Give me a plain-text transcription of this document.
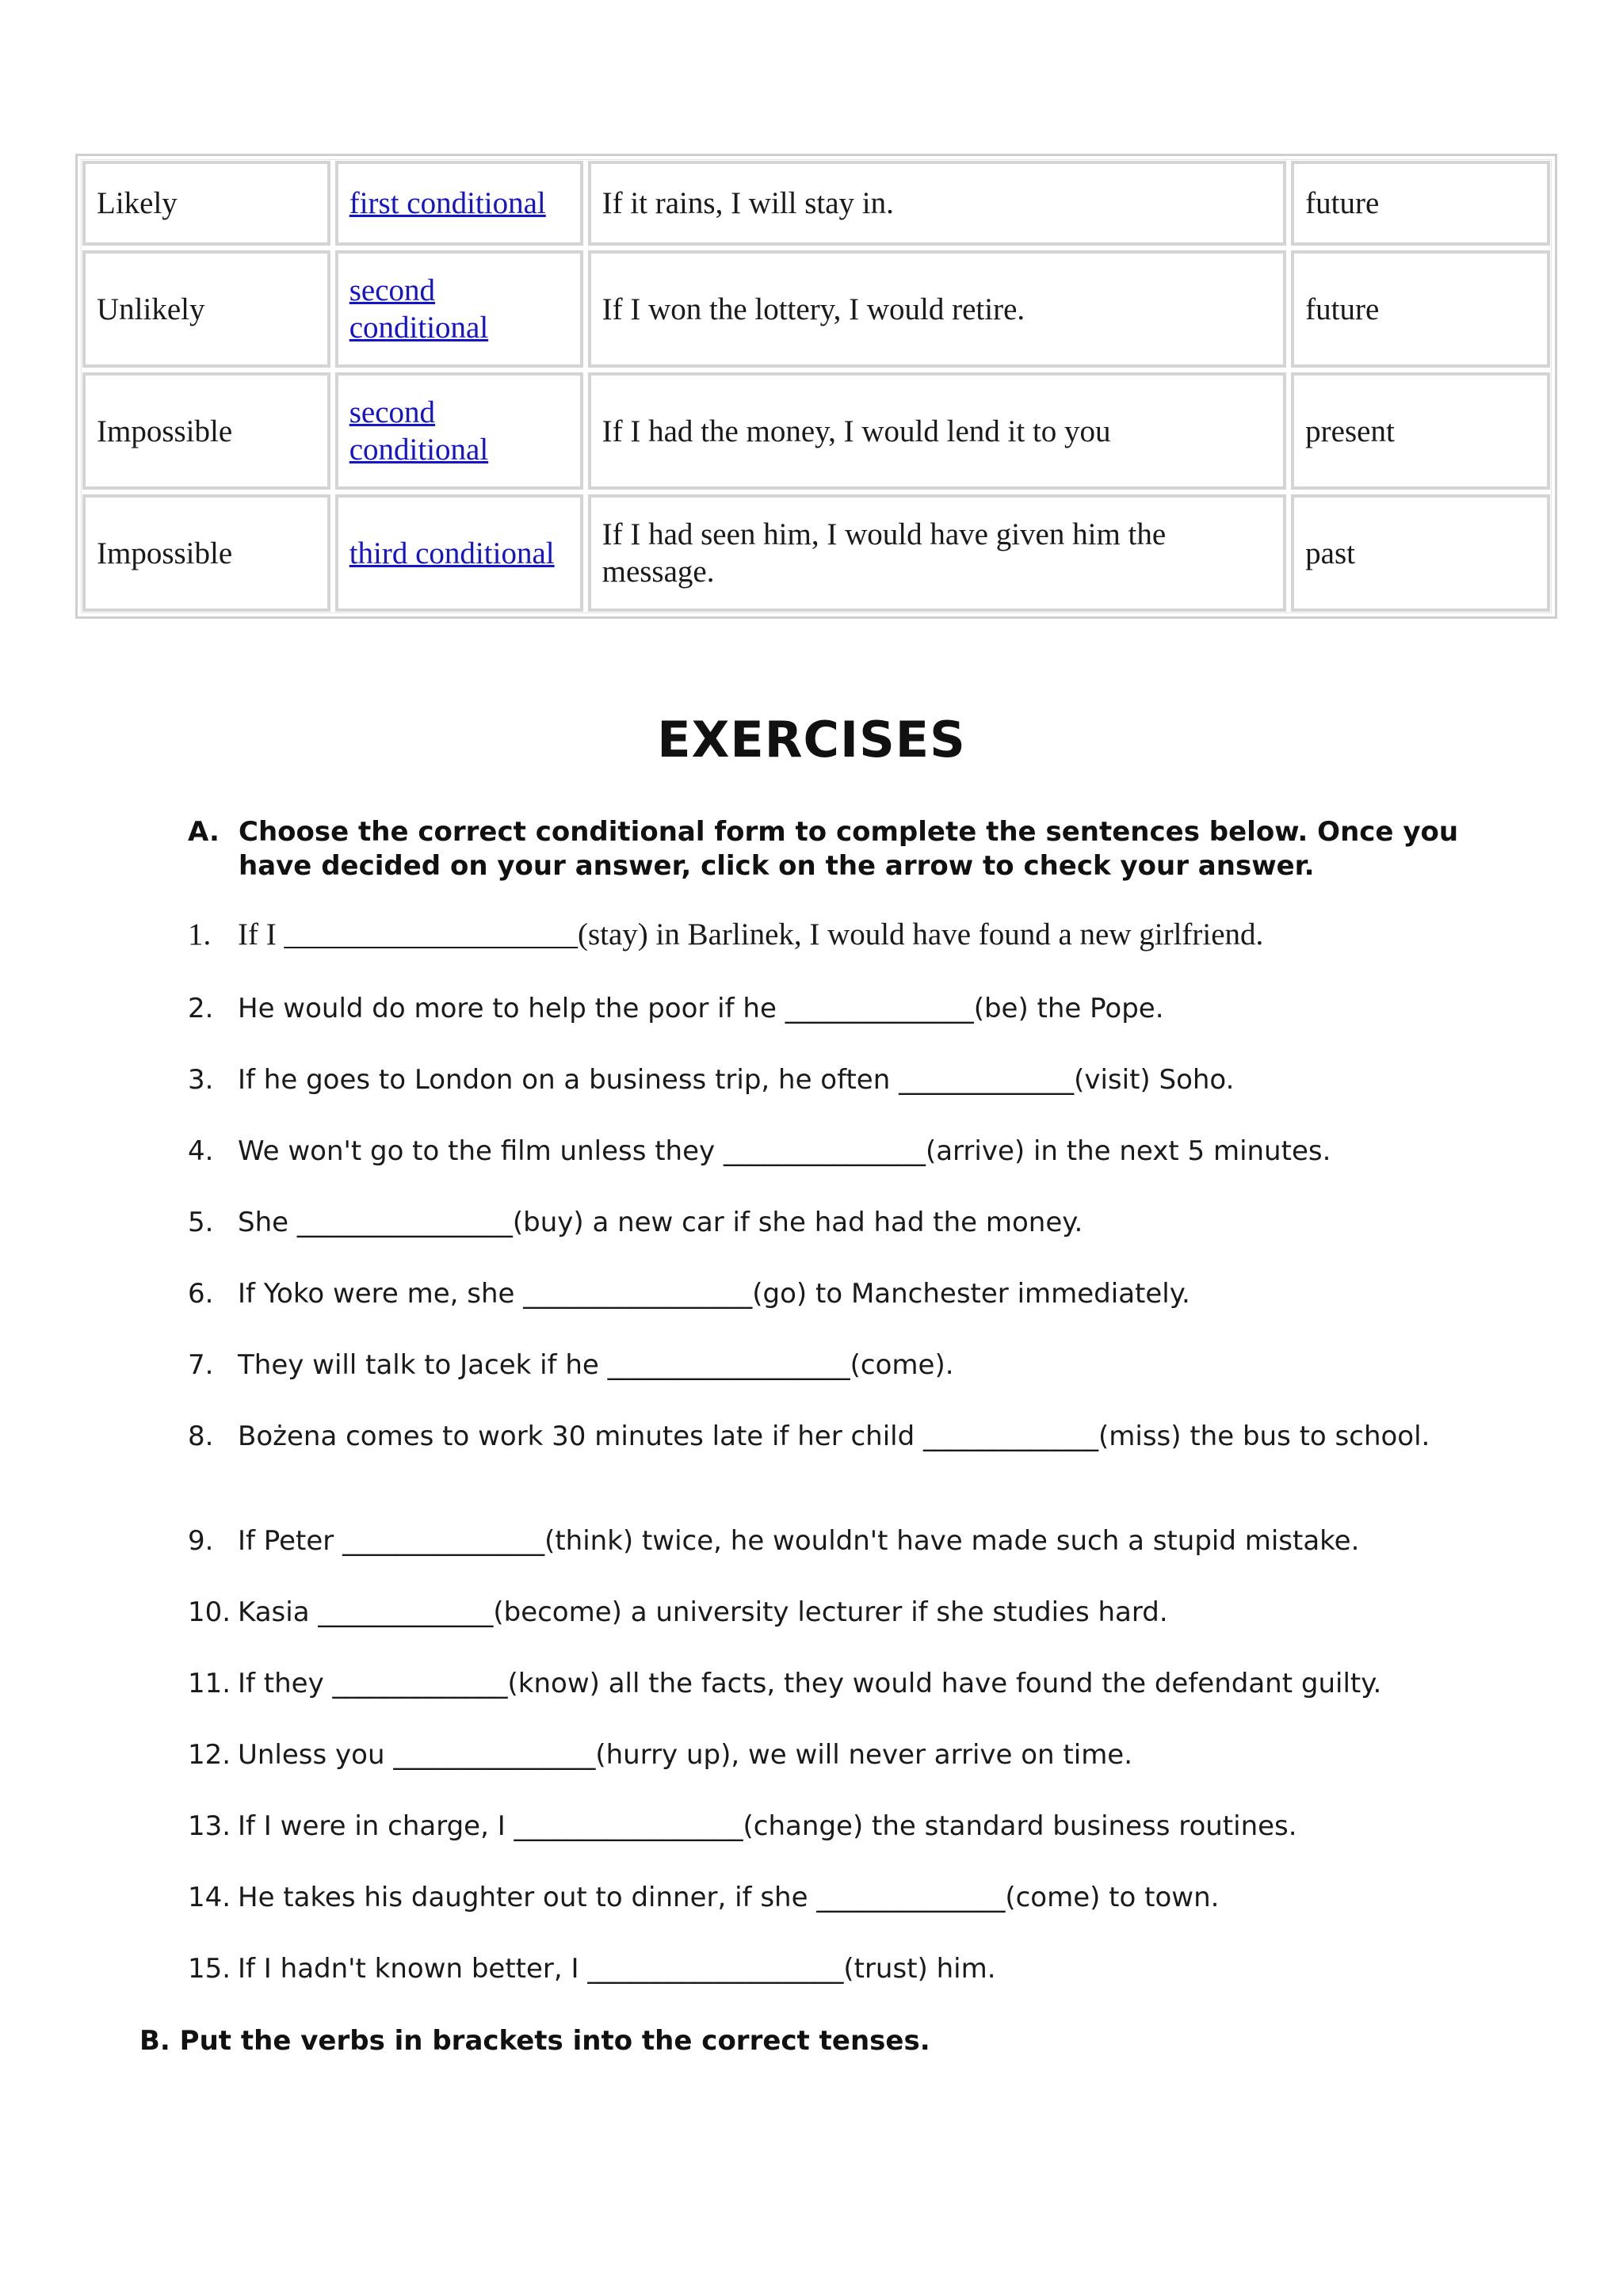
Likely	first conditional	If it rains, I will stay in.	future
Unlikely	second conditional	If I won the lottery, I would retire.	future
Impossible	second conditional	If I had the money, I would lend it to you	present
Impossible	third conditional	If I had seen him, I would have given him the message.	past
EXERCISES
A. Choose the correct conditional form to complete the sentences below. Once you have decided on your answer, click on the arrow to check your answer.
1. If I ___________________(stay) in Barlinek, I would have found a new girlfriend.
2. He would do more to help the poor if he ______________(be) the Pope.
3. If he goes to London on a business trip, he often _____________(visit) Soho.
4. We won't go to the film unless they _______________(arrive) in the next 5 minutes.
5. She ________________(buy) a new car if she had had the money.
6. If Yoko were me, she _________________(go) to Manchester immediately.
7. They will talk to Jacek if he __________________(come).
8. Bożena comes to work 30 minutes late if her child _____________(miss) the bus to school.
9. If Peter _______________(think) twice, he wouldn't have made such a stupid mistake.
10. Kasia _____________(become) a university lecturer if she studies hard.
11. If they _____________(know) all the facts, they would have found the defendant guilty.
12. Unless you _______________(hurry up), we will never arrive on time.
13. If I were in charge, I _________________(change) the standard business routines.
14. He takes his daughter out to dinner, if she ______________(come) to town.
15. If I hadn't known better, I ___________________(trust) him.

B. Put the verbs in brackets into the correct tenses.
